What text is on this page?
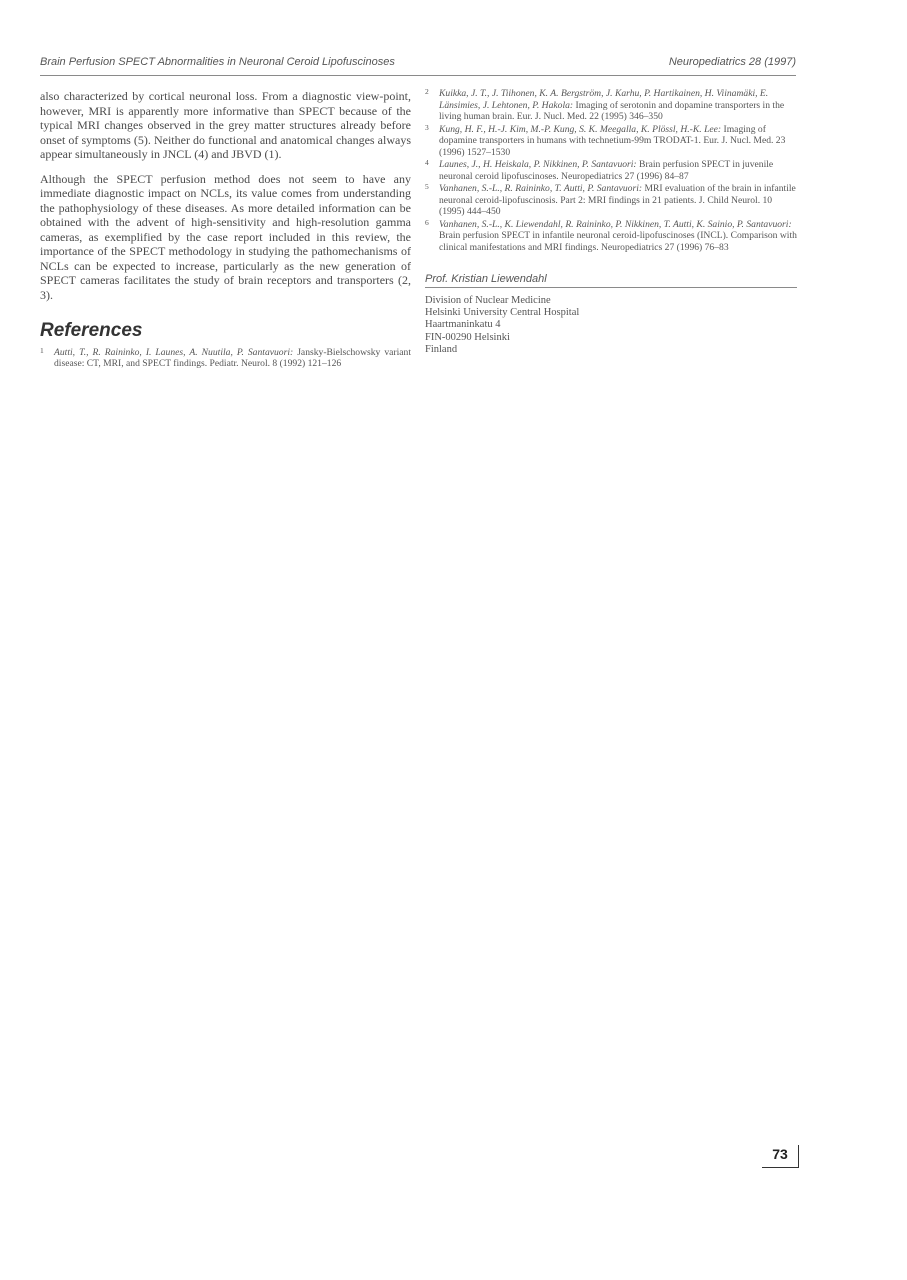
Brain Perfusion SPECT Abnormalities in Neuronal Ceroid Lipofuscinoses	Neuropediatrics 28 (1997)

also characterized by cortical neuronal loss. From a diagnostic view-point, however, MRI is apparently more informative than SPECT because of the typical MRI changes observed in the grey matter structures already before onset of symptoms (5). Neither do functional and anatomical changes always appear simultaneously in JNCL (4) and JBVD (1).

Although the SPECT perfusion method does not seem to have any immediate diagnostic impact on NCLs, its value comes from understanding the pathophysiology of these diseases. As more detailed information can be obtained with the advent of high-sensitivity and high-resolution gamma cameras, as exemplified by the case report included in this review, the importance of the SPECT methodology in studying the pathomechanisms of NCLs can be expected to increase, particularly as the new generation of SPECT cameras facilitates the study of brain receptors and transporters (2, 3).

References
1 Autti, T., R. Raininko, I. Launes, A. Nuutila, P. Santavuori: Jansky-Bielschowsky variant disease: CT, MRI, and SPECT findings. Pediatr. Neurol. 8 (1992) 121–126
2 Kuikka, J. T., J. Tiihonen, K. A. Bergström, J. Karhu, P. Hartikainen, H. Viinamäki, E. Länsimies, J. Lehtonen, P. Hakola: Imaging of serotonin and dopamine transporters in the living human brain. Eur. J. Nucl. Med. 22 (1995) 346–350
3 Kung, H. F., H.-J. Kim, M.-P. Kung, S. K. Meegalla, K. Plössl, H.-K. Lee: Imaging of dopamine transporters in humans with technetium-99m TRODAT-1. Eur. J. Nucl. Med. 23 (1996) 1527–1530
4 Launes, J., H. Heiskala, P. Nikkinen, P. Santavuori: Brain perfusion SPECT in juvenile neuronal ceroid lipofuscinoses. Neuropediatrics 27 (1996) 84–87
5 Vanhanen, S.-L., R. Raininko, T. Autti, P. Santavuori: MRI evaluation of the brain in infantile neuronal ceroid-lipofuscinosis. Part 2: MRI findings in 21 patients. J. Child Neurol. 10 (1995) 444–450
6 Vanhanen, S.-L., K. Liewendahl, R. Raininko, P. Nikkinen, T. Autti, K. Sainio, P. Santavuori: Brain perfusion SPECT in infantile neuronal ceroid-lipofuscinoses (INCL). Comparison with clinical manifestations and MRI findings. Neuropediatrics 27 (1996) 76–83
Prof. Kristian Liewendahl
Division of Nuclear Medicine
Helsinki University Central Hospital
Haartmaninkatu 4
FIN-00290 Helsinki
Finland
73
